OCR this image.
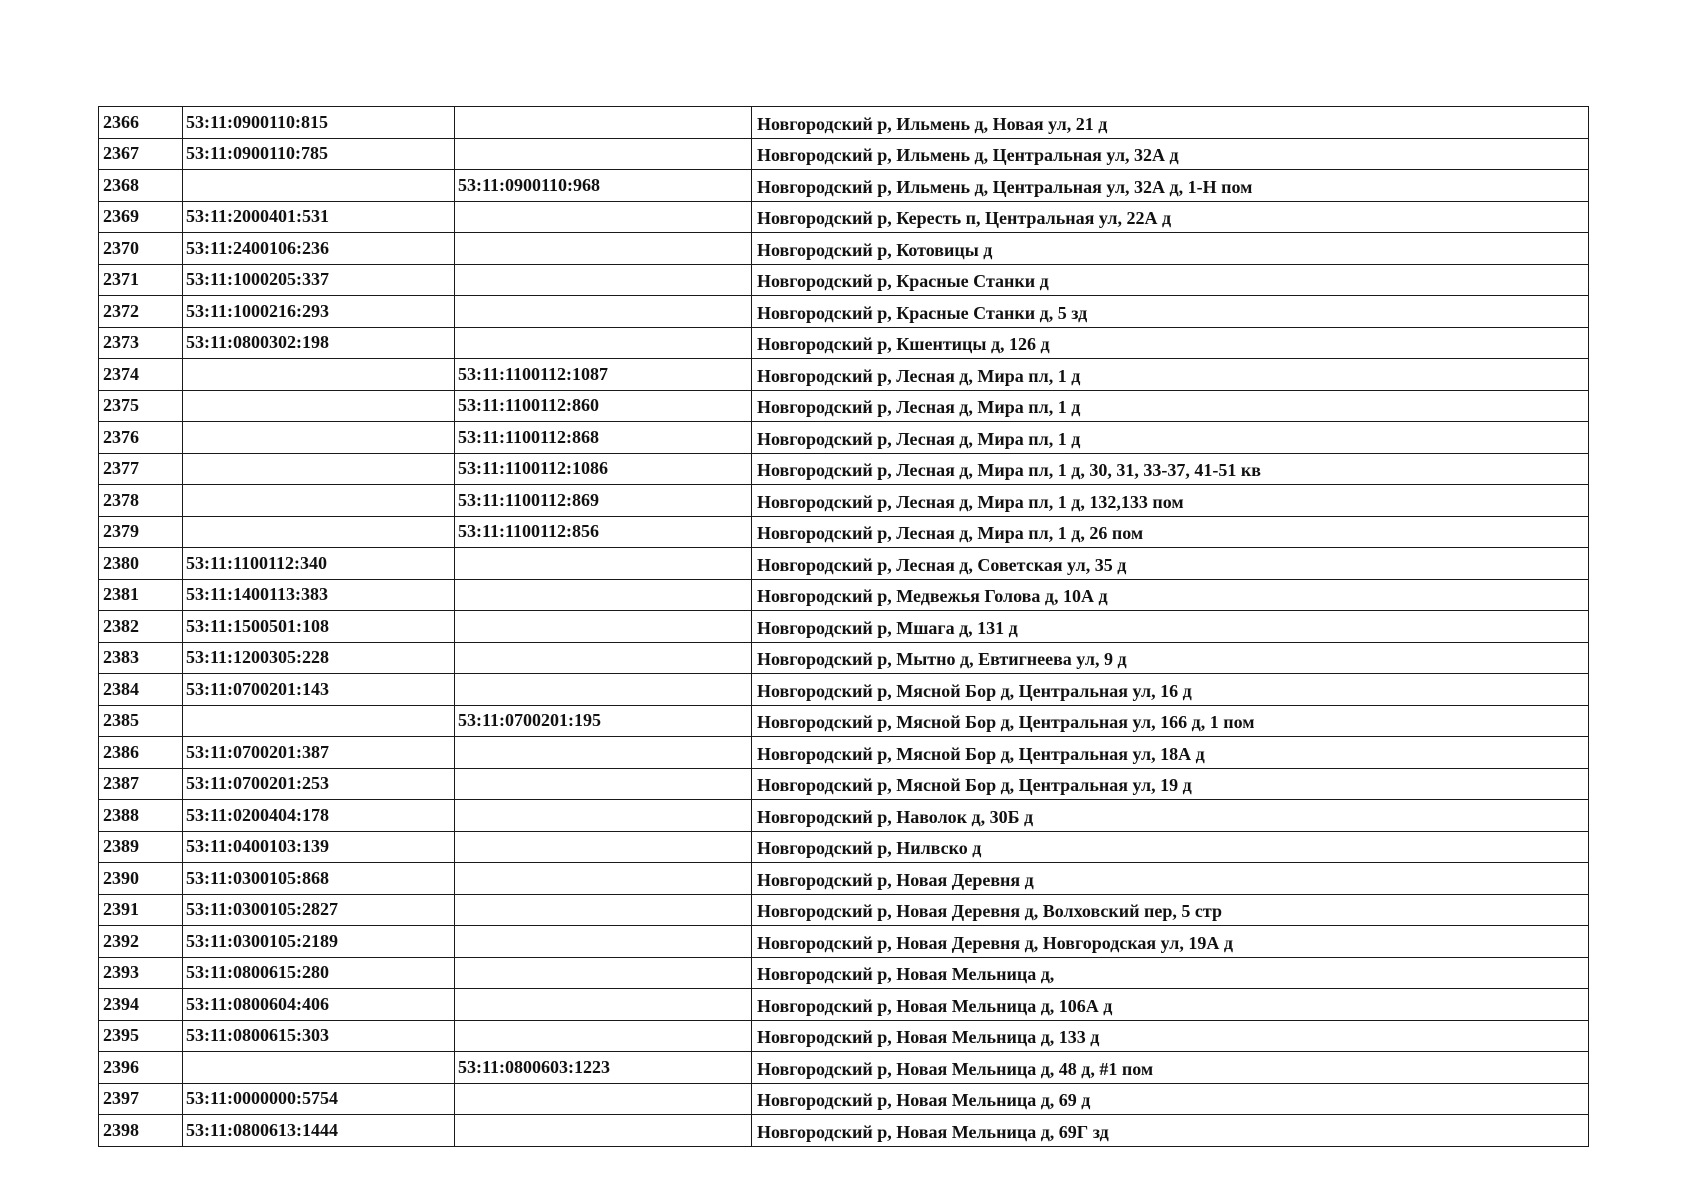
2366	53:11:0900110:815		Новгородский р, Ильмень д, Новая ул, 21 д
2367	53:11:0900110:785		Новгородский р, Ильмень д, Центральная ул, 32А д
2368		53:11:0900110:968	Новгородский р, Ильмень д, Центральная ул, 32А д, 1-Н пом
2369	53:11:2000401:531		Новгородский р, Кересть п, Центральная ул, 22А д
2370	53:11:2400106:236		Новгородский р, Котовицы д
2371	53:11:1000205:337		Новгородский р, Красные Станки д
2372	53:11:1000216:293		Новгородский р, Красные Станки д, 5 зд
2373	53:11:0800302:198		Новгородский р, Кшентицы д, 126 д
2374		53:11:1100112:1087	Новгородский р, Лесная д, Мира пл, 1 д
2375		53:11:1100112:860	Новгородский р, Лесная д, Мира пл, 1 д
2376		53:11:1100112:868	Новгородский р, Лесная д, Мира пл, 1 д
2377		53:11:1100112:1086	Новгородский р, Лесная д, Мира пл, 1 д, 30, 31, 33-37, 41-51 кв
2378		53:11:1100112:869	Новгородский р, Лесная д, Мира пл, 1 д, 132,133 пом
2379		53:11:1100112:856	Новгородский р, Лесная д, Мира пл, 1 д, 26 пом
2380	53:11:1100112:340		Новгородский р, Лесная д, Советская ул, 35 д
2381	53:11:1400113:383		Новгородский р, Медвежья Голова д, 10А д
2382	53:11:1500501:108		Новгородский р, Мшага д, 131 д
2383	53:11:1200305:228		Новгородский р, Мытно д, Евтигнеева ул, 9 д
2384	53:11:0700201:143		Новгородский р, Мясной Бор д, Центральная ул, 16 д
2385		53:11:0700201:195	Новгородский р, Мясной Бор д, Центральная ул, 166 д, 1 пом
2386	53:11:0700201:387		Новгородский р, Мясной Бор д, Центральная ул, 18А д
2387	53:11:0700201:253		Новгородский р, Мясной Бор д, Центральная ул, 19 д
2388	53:11:0200404:178		Новгородский р, Наволок д, 30Б д
2389	53:11:0400103:139		Новгородский р, Нилвско д
2390	53:11:0300105:868		Новгородский р, Новая Деревня д
2391	53:11:0300105:2827		Новгородский р, Новая Деревня д, Волховский пер, 5 стр
2392	53:11:0300105:2189		Новгородский р, Новая Деревня д, Новгородская ул, 19А д
2393	53:11:0800615:280		Новгородский р, Новая Мельница д,
2394	53:11:0800604:406		Новгородский р, Новая Мельница д, 106А д
2395	53:11:0800615:303		Новгородский р, Новая Мельница д, 133 д
2396		53:11:0800603:1223	Новгородский р, Новая Мельница д, 48 д, #1 пом
2397	53:11:0000000:5754		Новгородский р, Новая Мельница д, 69 д
2398	53:11:0800613:1444		Новгородский р, Новая Мельница д, 69Г зд
